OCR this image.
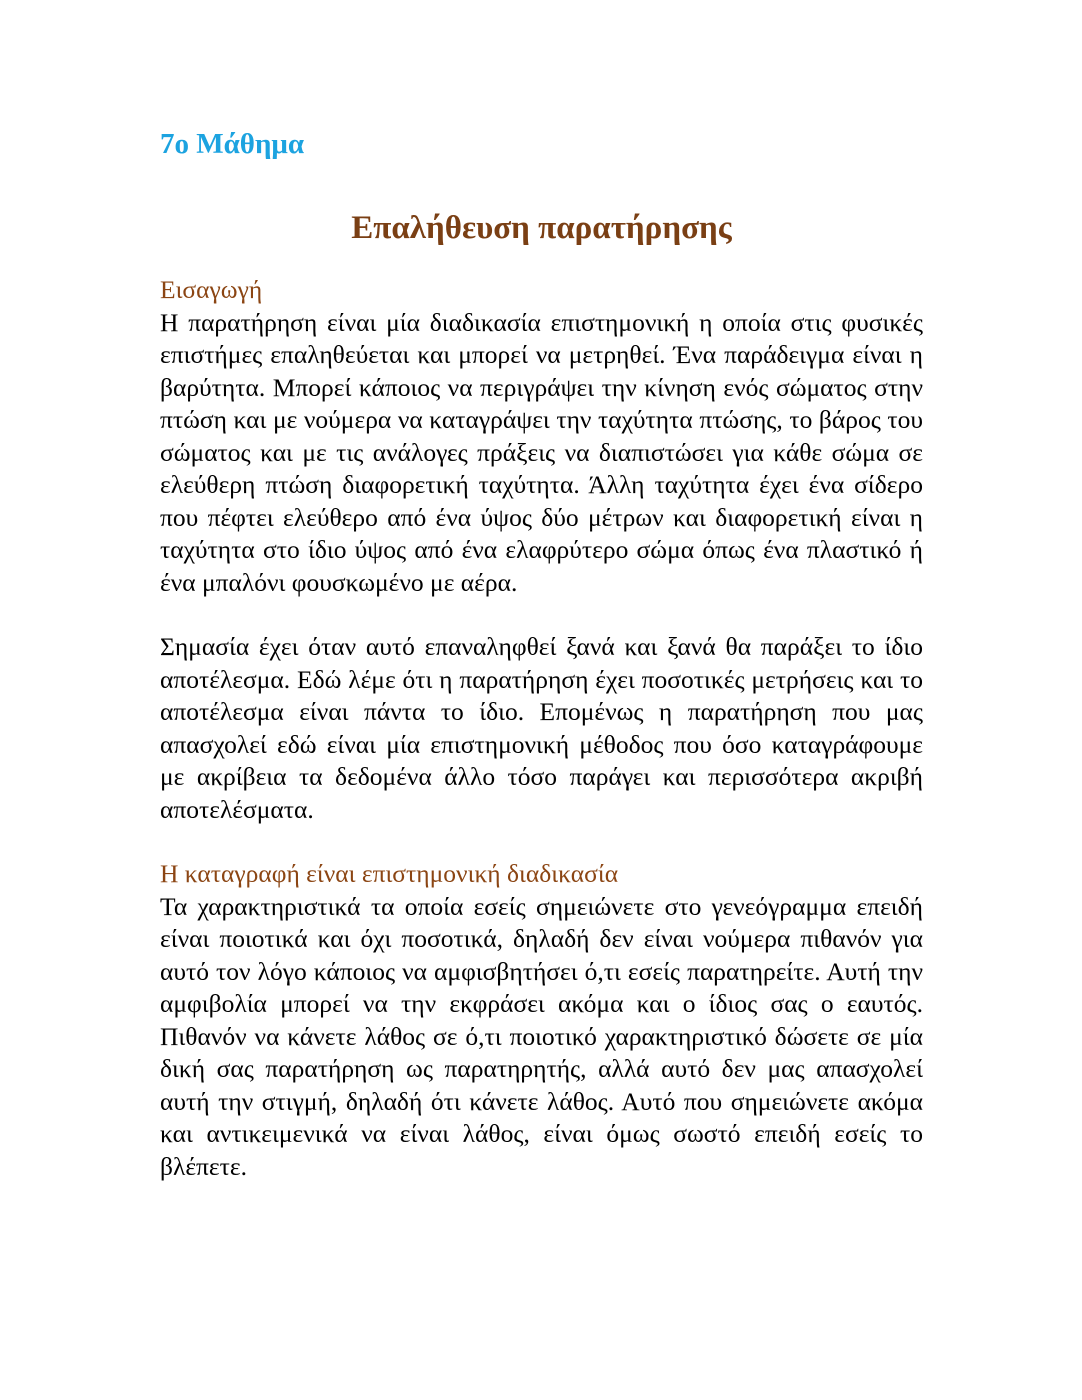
7ο Μάθημα
Επαλήθευση παρατήρησης
Εισαγωγή

Η παρατήρηση είναι μία διαδικασία επιστημονική η οποία στις φυσικές επιστήμες επαληθεύεται και μπορεί να μετρηθεί. Ένα παράδειγμα είναι η βαρύτητα. Μπορεί κάποιος να περιγράψει την κίνηση ενός σώματος στην πτώση και με νούμερα να καταγράψει την ταχύτητα πτώσης, το βάρος του σώματος και με τις ανάλογες πράξεις να διαπιστώσει για κάθε σώμα σε ελεύθερη πτώση διαφορετική ταχύτητα. Άλλη ταχύτητα έχει ένα σίδερο που πέφτει ελεύθερο από ένα ύψος δύο μέτρων και διαφορετική είναι η ταχύτητα στο ίδιο ύψος από ένα ελαφρύτερο σώμα όπως ένα πλαστικό ή ένα μπαλόνι φουσκωμένο με αέρα.

Σημασία έχει όταν αυτό επαναληφθεί ξανά και ξανά θα παράξει το ίδιο αποτέλεσμα. Εδώ λέμε ότι η παρατήρηση έχει ποσοτικές μετρήσεις και το αποτέλεσμα είναι πάντα το ίδιο. Επομένως η παρατήρηση που μας απασχολεί εδώ είναι μία επιστημονική μέθοδος που όσο καταγράφουμε με ακρίβεια τα δεδομένα άλλο τόσο παράγει και περισσότερα ακριβή αποτελέσματα.

Η καταγραφή είναι επιστημονική διαδικασία

Τα χαρακτηριστικά τα οποία εσείς σημειώνετε στο γενεόγραμμα επειδή είναι ποιοτικά και όχι ποσοτικά, δηλαδή δεν είναι νούμερα πιθανόν για αυτό τον λόγο κάποιος να αμφισβητήσει ό,τι εσείς παρατηρείτε. Αυτή την αμφιβολία μπορεί να την εκφράσει ακόμα και ο ίδιος σας ο εαυτός. Πιθανόν να κάνετε λάθος σε ό,τι ποιοτικό χαρακτηριστικό δώσετε σε μία δική σας παρατήρηση ως παρατηρητής, αλλά αυτό δεν μας απασχολεί αυτή την στιγμή, δηλαδή ότι κάνετε λάθος. Αυτό που σημειώνετε ακόμα και αντικειμενικά να είναι λάθος, είναι όμως σωστό επειδή εσείς το βλέπετε.
